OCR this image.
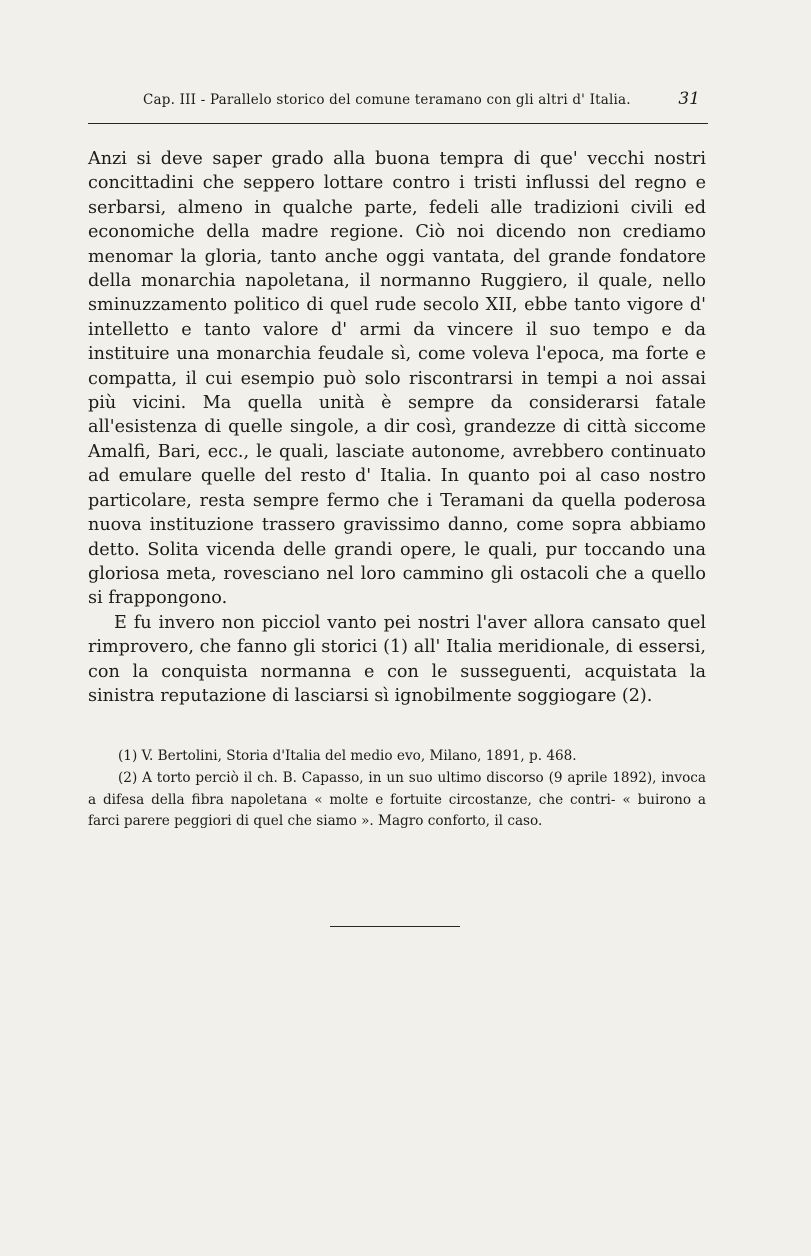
Cap. III - Parallelo storico del comune teramano con gli altri d' Italia.	31

Anzi si deve saper grado alla buona tempra di que' vecchi nostri concittadini che seppero lottare contro i tristi influssi del regno e serbarsi, almeno in qualche parte, fedeli alle tradizioni civili ed economiche della madre regione. Ciò noi dicendo non crediamo menomar la gloria, tanto anche oggi vantata, del grande fondatore della monarchia napoletana, il normanno Ruggiero, il quale, nello sminuzzamento politico di quel rude secolo XII, ebbe tanto vigore d' intelletto e tanto valore d' armi da vincere il suo tempo e da instituire una monarchia feudale sì, come voleva l'epoca, ma forte e compatta, il cui esempio può solo riscontrarsi in tempi a noi assai più vicini. Ma quella unità è sempre da considerarsi fatale all'esistenza di quelle singole, a dir così, grandezze di città siccome Amalfi, Bari, ecc., le quali, lasciate autonome, avrebbero continuato ad emulare quelle del resto d' Italia. In quanto poi al caso nostro particolare, resta sempre fermo che i Teramani da quella poderosa nuova instituzione trassero gravissimo danno, come sopra abbiamo detto. Solita vicenda delle grandi opere, le quali, pur toccando una gloriosa meta, rovesciano nel loro cammino gli ostacoli che a quello si frappongono.

E fu invero non picciol vanto pei nostri l'aver allora cansato quel rimprovero, che fanno gli storici (1) all' Italia meridionale, di essersi, con la conquista normanna e con le susseguenti, acquistata la sinistra reputazione di lasciarsi sì ignobilmente soggiogare (2).

(1) V. Bertolini, Storia d'Italia del medio evo, Milano, 1891, p. 468.

(2) A torto perciò il ch. B. Capasso, in un suo ultimo discorso (9 aprile 1892), invoca a difesa della fibra napoletana « molte e fortuite circostanze, che contri- « buirono a farci parere peggiori di quel che siamo ». Magro conforto, il caso.
